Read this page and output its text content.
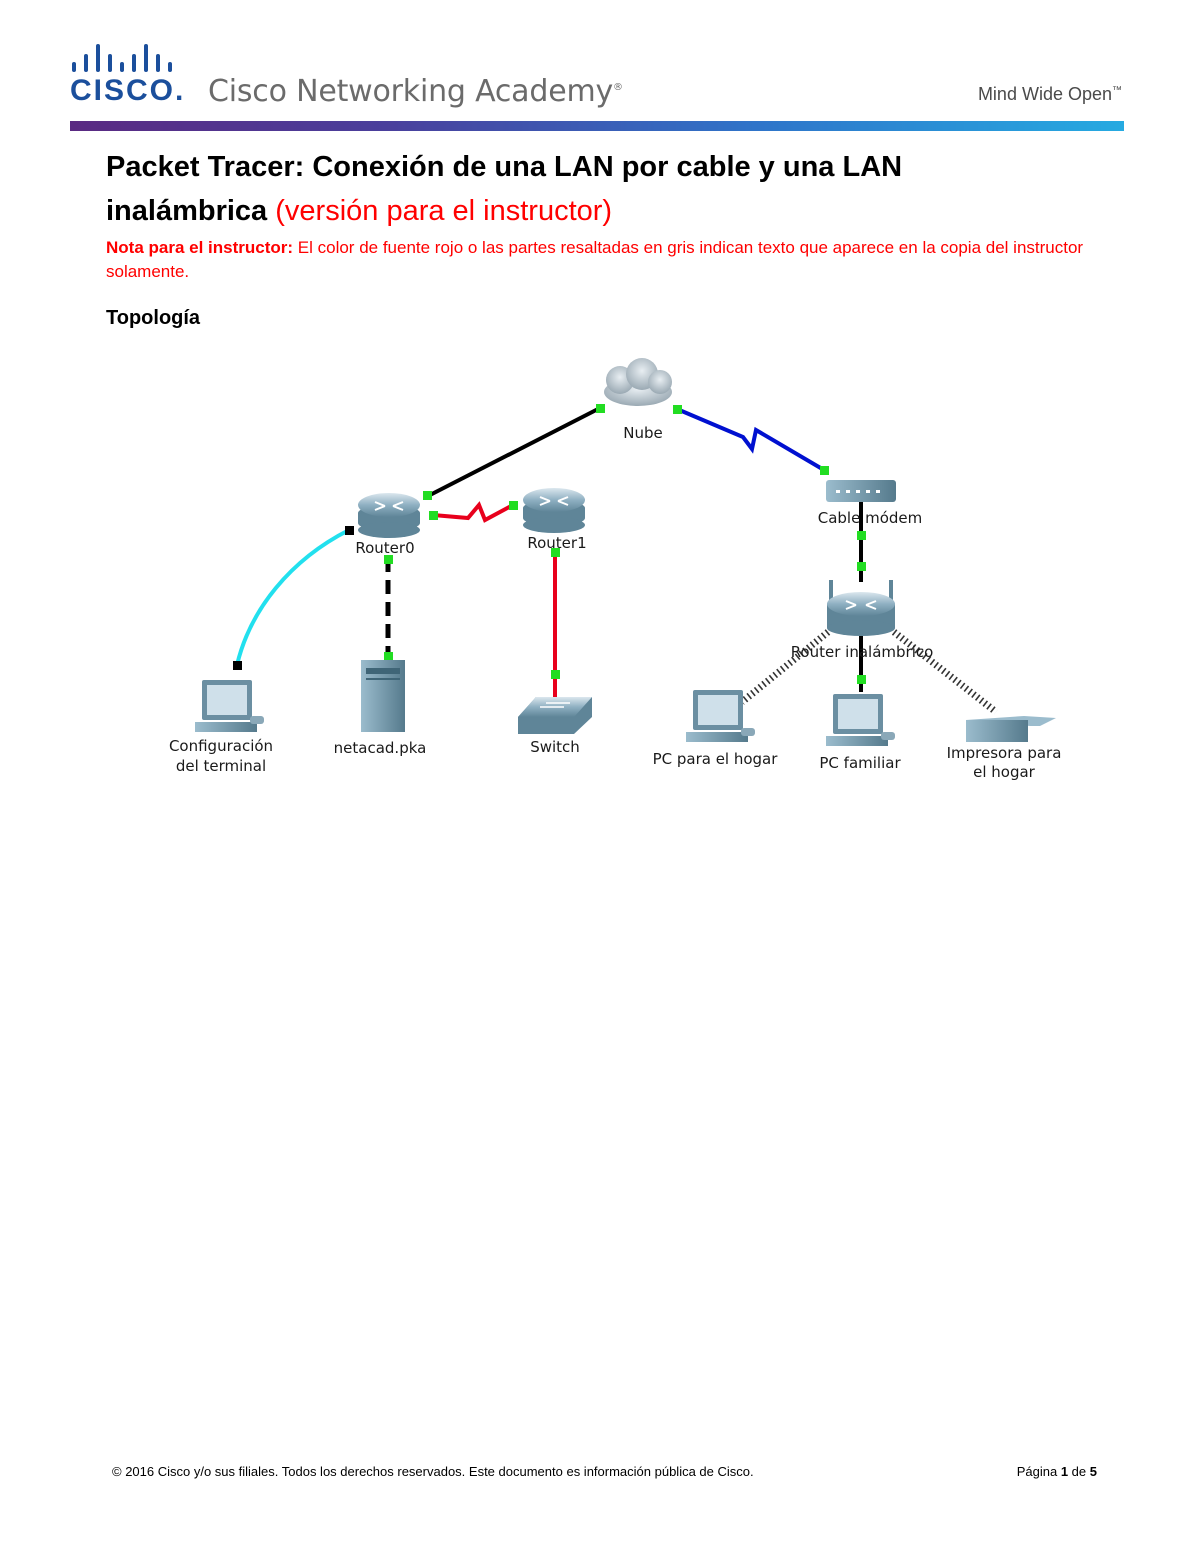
CISCO. Cisco Networking Academy®	Mind Wide Open™
Packet Tracer: Conexión de una LAN por cable y una LAN inalámbrica (versión para el instructor)

Nota para el instructor: El color de fuente rojo o las partes resaltadas en gris indican texto que aparece en la copia del instructor solamente.

Topología
Nube
Router0	Router1
Cable módem
Router inalámbrico
Configuración
del terminal
netacad.pka	Switch
PC para el hogar	PC familiar
Impresora para
el hogar
© 2016 Cisco y/o sus filiales. Todos los derechos reservados. Este documento es información pública de Cisco.	Página 1 de 5
